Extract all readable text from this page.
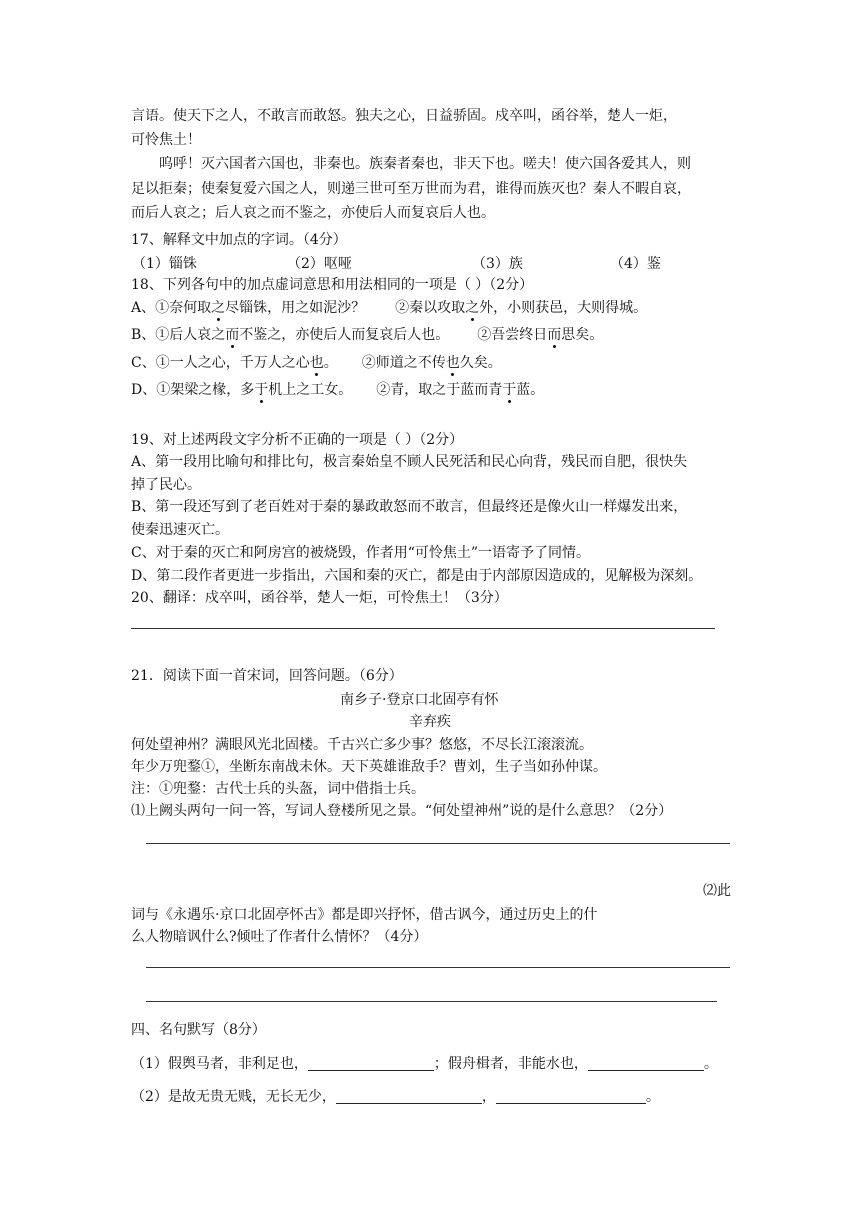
言语。使天下之人，不敢言而敢怒。独夫之心，日益骄固。戍卒叫，函谷举，楚人一炬，
可怜焦土！
呜呼！灭六国者六国也，非秦也。族秦者秦也，非天下也。嗟夫！使六国各爱其人，则
足以拒秦；使秦复爱六国之人，则递三世可至万世而为君，谁得而族灭也？秦人不暇自哀，
而后人哀之；后人哀之而不鉴之，亦使后人而复哀后人也。
17、解释文中加点的字词。（4分）
（1）锱铢	（2）呕哑	（3）族	（4）鉴
18、下列各句中的加点虚词意思和用法相同的一项是（ ）（2分）
A、①奈何取之尽锱铢，用之如泥沙？ ②秦以攻取之外，小则获邑，大则得城。
B、①后人哀之而不鉴之，亦使后人而复哀后人也。 ②吾尝终日而思矣。
C、①一人之心，千万人之心也。 ②师道之不传也久矣。
D、①架梁之椽，多于机上之工女。 ②青，取之于蓝而青于蓝。
19、对上述两段文字分析不正确的一项是（ ）（2分）
A、第一段用比喻句和排比句，极言秦始皇不顾人民死活和民心向背，残民而自肥，很快失
掉了民心。
B、第一段还写到了老百姓对于秦的暴政敢怒而不敢言，但最终还是像火山一样爆发出来，
使秦迅速灭亡。
C、对于秦的灭亡和阿房宫的被烧毁，作者用“可怜焦土”一语寄予了同情。
D、第二段作者更进一步指出，六国和秦的灭亡，都是由于内部原因造成的，见解极为深刻。
20、翻译：戍卒叫，函谷举，楚人一炬，可怜焦土！（3分）
21．阅读下面一首宋词，回答问题。（6分）
南乡子·登京口北固亭有怀
辛弃疾
何处望神州？满眼风光北固楼。千古兴亡多少事？悠悠，不尽长江滚滚流。
年少万兜鍪①，坐断东南战未休。天下英雄谁敌手？曹刘，生子当如孙仲谋。
注：①兜鍪：古代士兵的头盔，词中借指士兵。
⑴上阙头两句一问一答，写词人登楼所见之景。“何处望神州”说的是什么意思？（2分）
⑵此
词与《永遇乐·京口北固亭怀古》都是即兴抒怀，借古讽今，通过历史上的什
么人物暗讽什么?倾吐了作者什么情怀？（4分）
四、名句默写（8分）
（1）假舆马者，非利足也，	；假舟楫者，非能水也，	。
（2）是故无贵无贱，无长无少，	，	。
